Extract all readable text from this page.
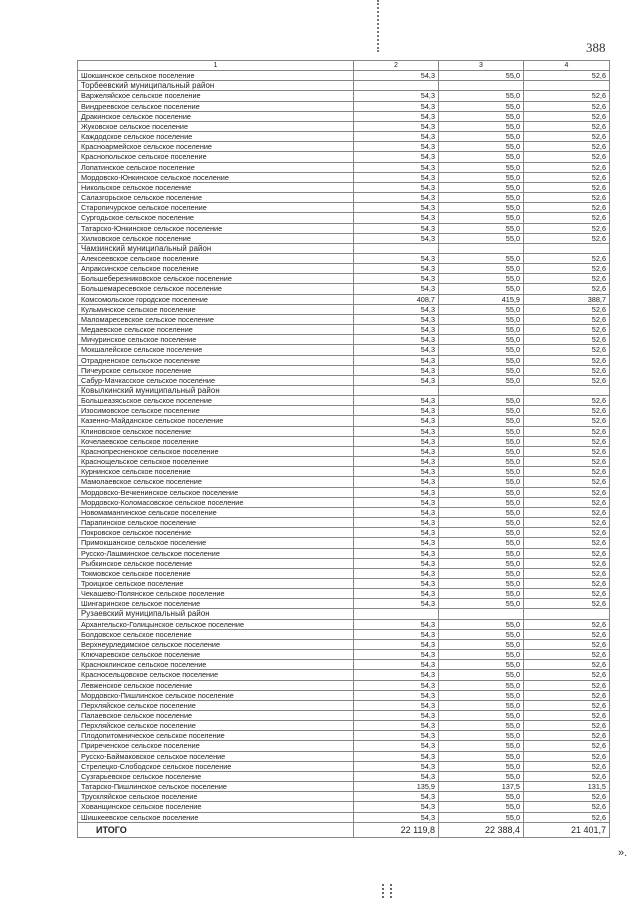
388
1	2	3	4
Шокшинское сельское поселение	54,3	55,0	52,6
Торбеевский муниципальный район			
Варжеляйское сельское поселение	54,3	55,0	52,6
Виндреевское сельское поселение	54,3	55,0	52,6
Дракинское сельское поселение	54,3	55,0	52,6
Жуковское сельское поселение	54,3	55,0	52,6
Каждодское сельское поселение	54,3	55,0	52,6
Красноармейское сельское поселение	54,3	55,0	52,6
Краснопольское сельское поселение	54,3	55,0	52,6
Лопатинское сельское поселение	54,3	55,0	52,6
Мордовско-Юнкинское сельское поселение	54,3	55,0	52,6
Никольское сельское поселение	54,3	55,0	52,6
Салазгорьское сельское поселение	54,3	55,0	52,6
Старопичурское сельское поселение	54,3	55,0	52,6
Сургодьское сельское поселение	54,3	55,0	52,6
Татарско-Юнкинское сельское поселение	54,3	55,0	52,6
Хилковское сельское поселение	54,3	55,0	52,6
Чамзинский муниципальный район			
Алексеевское сельское поселение	54,3	55,0	52,6
Апраксинское сельское поселение	54,3	55,0	52,6
Большеберезниковское сельское поселение	54,3	55,0	52,6
Большемаресевское сельское поселение	54,3	55,0	52,6
Комсомольское городское поселение	408,7	415,9	388,7
Кульминское сельское поселение	54,3	55,0	52,6
Маломаресевское сельское поселение	54,3	55,0	52,6
Медаевское сельское поселение	54,3	55,0	52,6
Мичуринское сельское поселение	54,3	55,0	52,6
Мокшалейское сельское поселение	54,3	55,0	52,6
Отрадненское сельское поселение	54,3	55,0	52,6
Пичеурское сельское поселение	54,3	55,0	52,6
Сабур-Мачкасское сельское поселение	54,3	55,0	52,6
Ковылкинский муниципальный район			
Большеазясьское сельское поселение	54,3	55,0	52,6
Изосимовское сельское поселение	54,3	55,0	52,6
Казенно-Майданское сельское поселение	54,3	55,0	52,6
Клиновское сельское поселение	54,3	55,0	52,6
Кочелаевское сельское поселение	54,3	55,0	52,6
Краснопресненское сельское поселение	54,3	55,0	52,6
Краснощельское сельское поселение	54,3	55,0	52,6
Курнинское сельское поселение	54,3	55,0	52,6
Мамолаевское сельское поселение	54,3	55,0	52,6
Мордовско-Вечкенинское сельское поселение	54,3	55,0	52,6
Мордовско-Коломасовское сельское поселение	54,3	55,0	52,6
Новомамангинское сельское поселение	54,3	55,0	52,6
Парапинское сельское поселение	54,3	55,0	52,6
Покровское сельское поселение	54,3	55,0	52,6
Примокшанское сельское поселение	54,3	55,0	52,6
Русско-Лашминское сельское поселение	54,3	55,0	52,6
Рыбкинское сельское поселение	54,3	55,0	52,6
Токмовское сельское поселение	54,3	55,0	52,6
Троицкое сельское поселение	54,3	55,0	52,6
Чекашево-Полянское сельское поселение	54,3	55,0	52,6
Шингаринское сельское поселение	54,3	55,0	52,6
Рузаевский муниципальный район			
Архангельско-Голицынское сельское поселение	54,3	55,0	52,6
Болдовское сельское поселение	54,3	55,0	52,6
Верхнеурледимское сельское поселение	54,3	55,0	52,6
Ключаревское сельское поселение	54,3	55,0	52,6
Красноклинское сельское поселение	54,3	55,0	52,6
Красносельцовское сельское поселение	54,3	55,0	52,6
Левженское сельское поселение	54,3	55,0	52,6
Мордовско-Пишлинское сельское поселение	54,3	55,0	52,6
Перхляйское сельское поселение	54,3	55,0	52,6
Палаевское сельское поселение	54,3	55,0	52,6
Перхляйское сельское поселение	54,3	55,0	52,6
Плодопитомническое сельское поселение	54,3	55,0	52,6
Приреченское сельское поселение	54,3	55,0	52,6
Русско-Баймаковское сельское поселение	54,3	55,0	52,6
Стрелецко-Слободское сельское поселение	54,3	55,0	52,6
Сузгарьевское сельское поселение	54,3	55,0	52,6
Татарско-Пишлинское сельское поселение	135,9	137,5	131,5
Трускляйское сельское поселение	54,3	55,0	52,6
Хованщинское сельское поселение	54,3	55,0	52,6
Шишкеевское сельское поселение	54,3	55,0	52,6
ИТОГО	22 119,8	22 388,4	21 401,7
».
